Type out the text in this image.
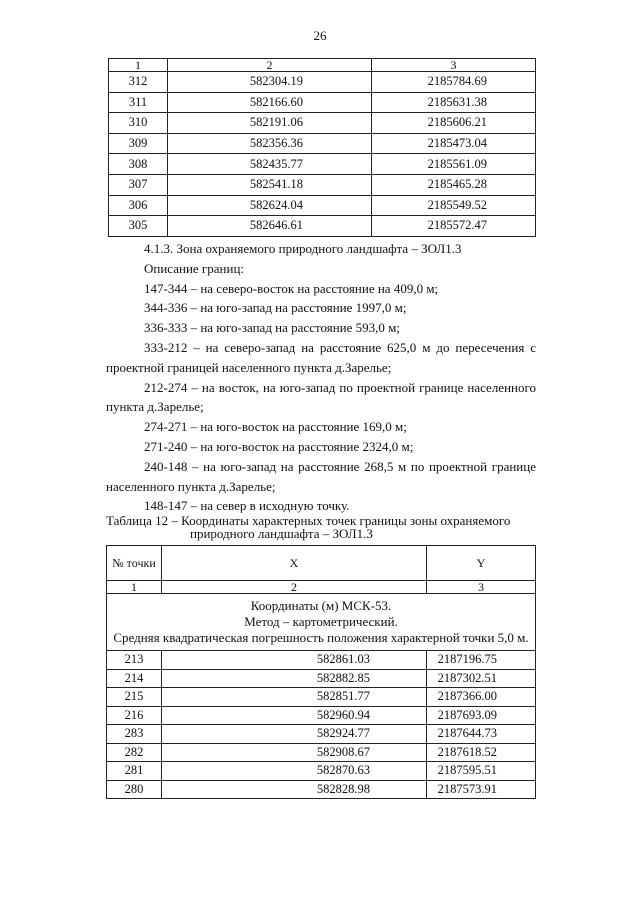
26
1	2	3
312	582304.19	2185784.69
311	582166.60	2185631.38
310	582191.06	2185606.21
309	582356.36	2185473.04
308	582435.77	2185561.09
307	582541.18	2185465.28
306	582624.04	2185549.52
305	582646.61	2185572.47

4.1.3. Зона охраняемого природного ландшафта – ЗОЛ1.3

Описание границ:

147-344 – на северо-восток на расстояние на 409,0 м;

344-336 – на юго-запад на расстояние 1997,0 м;

336-333 – на юго-запад на расстояние 593,0 м;

333-212 – на северо-запад на расстояние 625,0 м до пересечения с проектной границей населенного пункта д.Зарелье;

212-274 – на восток, на юго-запад по проектной границе населенного пункта д.Зарелье;

274-271 – на юго-восток на расстояние 169,0 м;

271-240 – на юго-восток на расстояние 2324,0 м;

240-148 – на юго-запад на расстояние 268,5 м по проектной границе населенного пункта д.Зарелье;

148-147 – на север в исходную точку.

Таблица 12 – Координаты характерных точек границы зоны охраняемого
природного ландшафта – ЗОЛ1.3
№ точки	X	Y
1	2	3

Координаты (м) МСК-53.
Метод – картометрический.
Средняя квадратическая погрешность положения характерной точки 5,0 м.		

213	582861.03	2187196.75
214	582882.85	2187302.51
215	582851.77	2187366.00
216	582960.94	2187693.09
283	582924.77	2187644.73
282	582908.67	2187618.52
281	582870.63	2187595.51
280	582828.98	2187573.91
